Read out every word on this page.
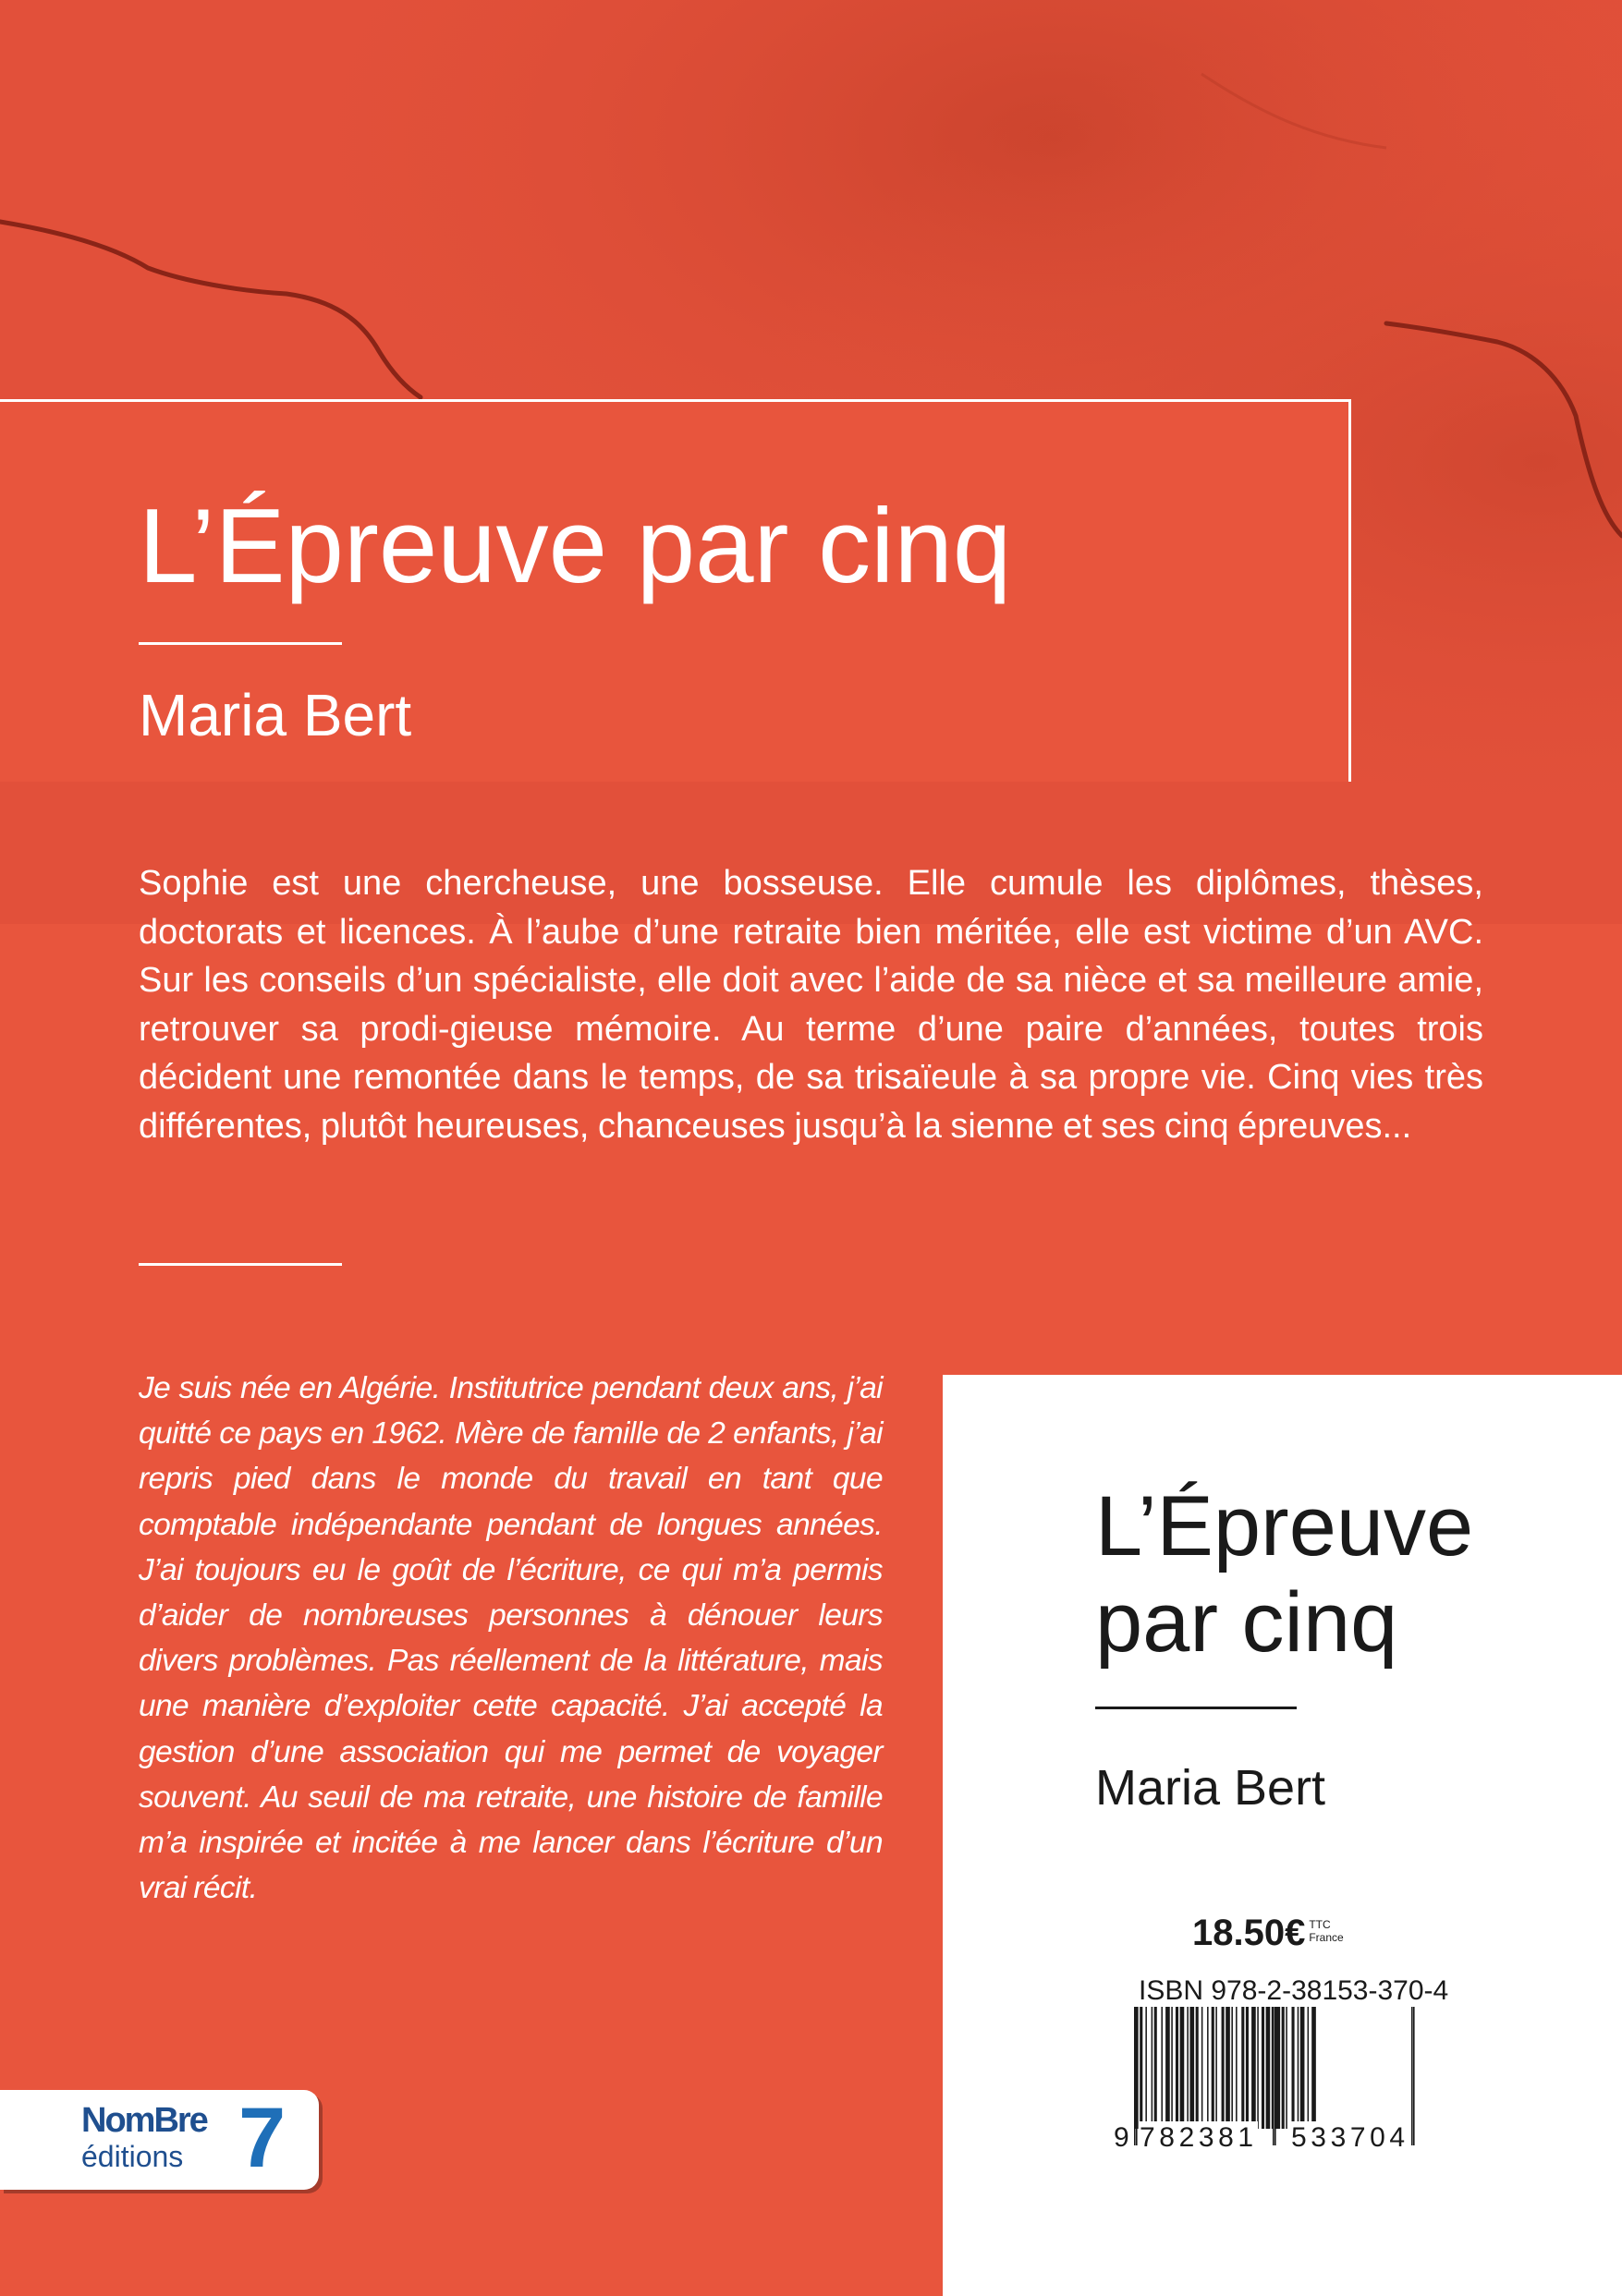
L’Épreuve par cinq
Maria Bert

Sophie est une chercheuse, une bosseuse. Elle cumule les diplômes, thèses, doctorats et licences. À l’aube d’une retraite bien méritée, elle est victime d’un AVC. Sur les conseils d’un spécialiste, elle doit avec l’aide de sa nièce et sa meilleure amie, retrouver sa prodi-gieuse mémoire. Au terme d’une paire d’années, toutes trois décident une remontée dans le temps, de sa trisaïeule à sa propre vie. Cinq vies très différentes, plutôt heureuses, chanceuses jusqu’à la sienne et ses cinq épreuves...

Je suis née en Algérie. Institutrice pendant deux ans, j’ai quitté ce pays en 1962. Mère de famille de 2 enfants, j’ai repris pied dans le monde du travail en tant que comptable indépendante pendant de longues années. J’ai toujours eu le goût de l’écriture, ce qui m’a permis d’aider de nombreuses personnes à dénouer leurs divers problèmes. Pas réellement de la littérature, mais une manière d’exploiter cette capacité. J’ai accepté la gestion d’une association qui me permet de voyager souvent. Au seuil de ma retraite, une histoire de famille m’a inspirée et incitée à me lancer dans l’écriture d’un vrai récit.

L’Épreuve
par cinq
Maria Bert
18.50€ TTC
France
ISBN 978-2-38153-370-4
9 782381 533704
NomBre
éditions 7
